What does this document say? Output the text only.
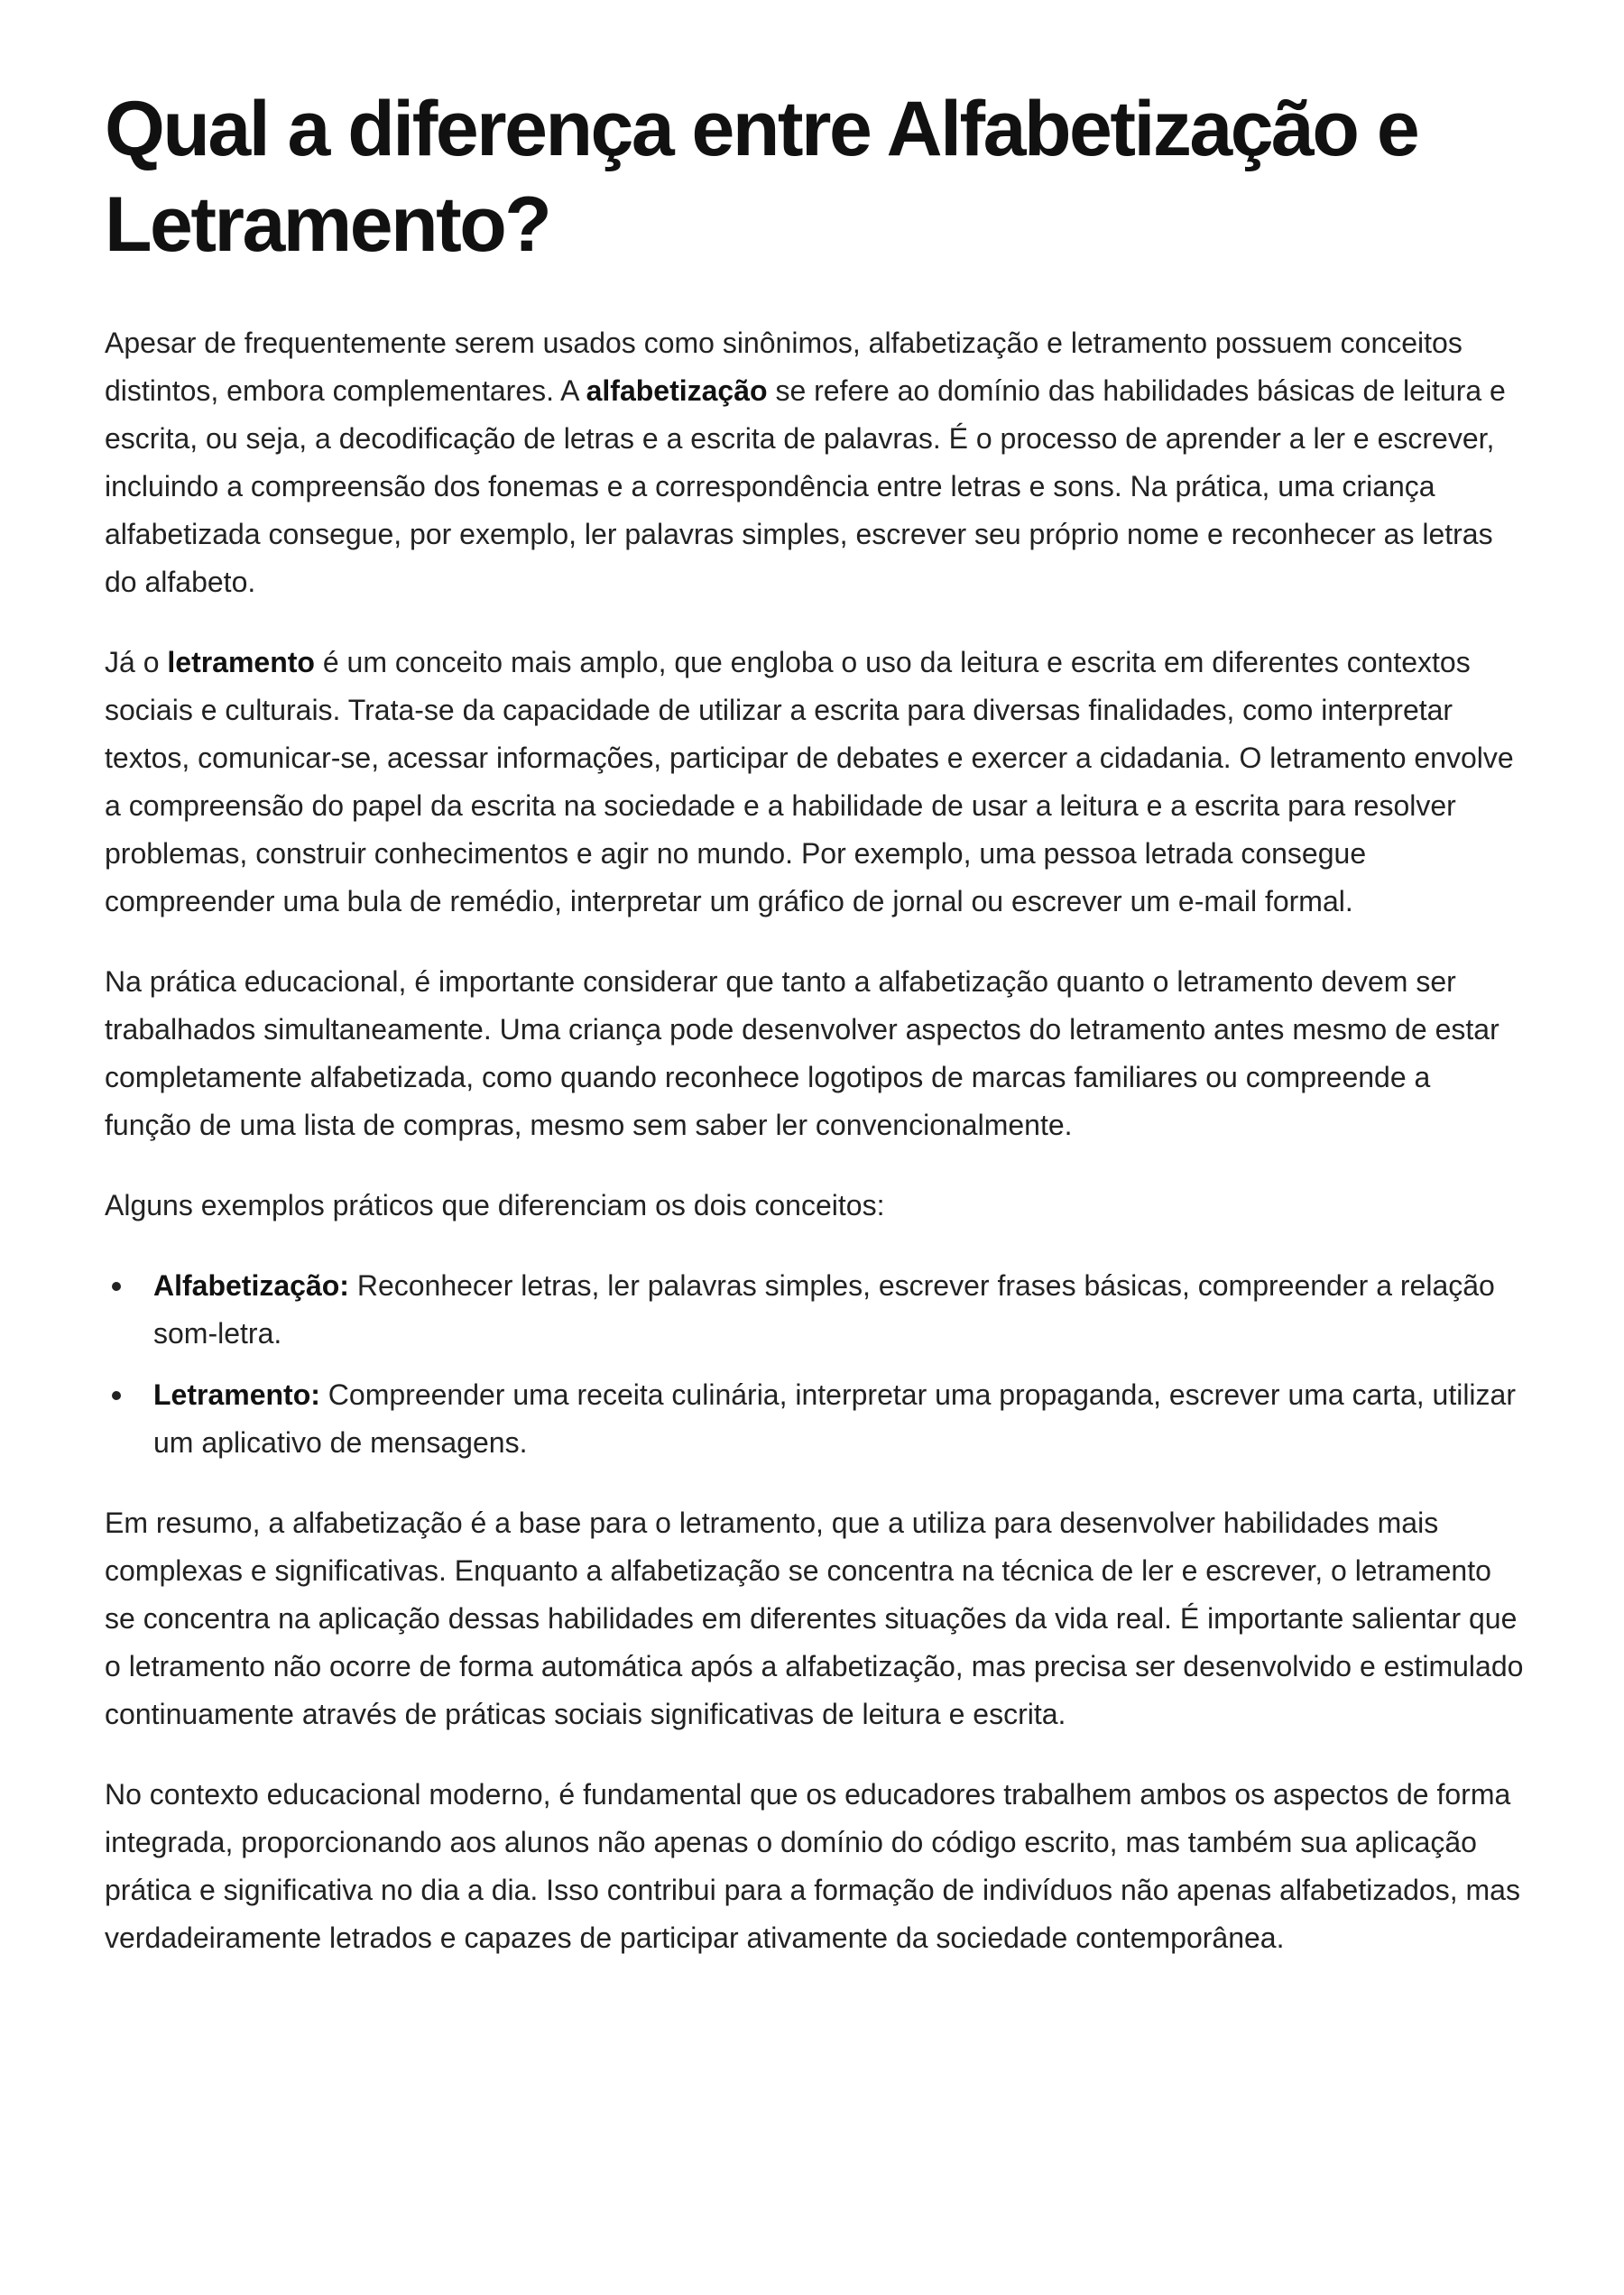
Qual a diferença entre Alfabetização e Letramento?

Apesar de frequentemente serem usados como sinônimos, alfabetização e letramento possuem conceitos distintos, embora complementares. A alfabetização se refere ao domínio das habilidades básicas de leitura e escrita, ou seja, a decodificação de letras e a escrita de palavras. É o processo de aprender a ler e escrever, incluindo a compreensão dos fonemas e a correspondência entre letras e sons. Na prática, uma criança alfabetizada consegue, por exemplo, ler palavras simples, escrever seu próprio nome e reconhecer as letras do alfabeto.

Já o letramento é um conceito mais amplo, que engloba o uso da leitura e escrita em diferentes contextos sociais e culturais. Trata-se da capacidade de utilizar a escrita para diversas finalidades, como interpretar textos, comunicar-se, acessar informações, participar de debates e exercer a cidadania. O letramento envolve a compreensão do papel da escrita na sociedade e a habilidade de usar a leitura e a escrita para resolver problemas, construir conhecimentos e agir no mundo. Por exemplo, uma pessoa letrada consegue compreender uma bula de remédio, interpretar um gráfico de jornal ou escrever um e-mail formal.

Na prática educacional, é importante considerar que tanto a alfabetização quanto o letramento devem ser trabalhados simultaneamente. Uma criança pode desenvolver aspectos do letramento antes mesmo de estar completamente alfabetizada, como quando reconhece logotipos de marcas familiares ou compreende a função de uma lista de compras, mesmo sem saber ler convencionalmente.

Alguns exemplos práticos que diferenciam os dois conceitos:

Alfabetização: Reconhecer letras, ler palavras simples, escrever frases básicas, compreender a relação som-letra.
Letramento: Compreender uma receita culinária, interpretar uma propaganda, escrever uma carta, utilizar um aplicativo de mensagens.

Em resumo, a alfabetização é a base para o letramento, que a utiliza para desenvolver habilidades mais complexas e significativas. Enquanto a alfabetização se concentra na técnica de ler e escrever, o letramento se concentra na aplicação dessas habilidades em diferentes situações da vida real. É importante salientar que o letramento não ocorre de forma automática após a alfabetização, mas precisa ser desenvolvido e estimulado continuamente através de práticas sociais significativas de leitura e escrita.

No contexto educacional moderno, é fundamental que os educadores trabalhem ambos os aspectos de forma integrada, proporcionando aos alunos não apenas o domínio do código escrito, mas também sua aplicação prática e significativa no dia a dia. Isso contribui para a formação de indivíduos não apenas alfabetizados, mas verdadeiramente letrados e capazes de participar ativamente da sociedade contemporânea.
